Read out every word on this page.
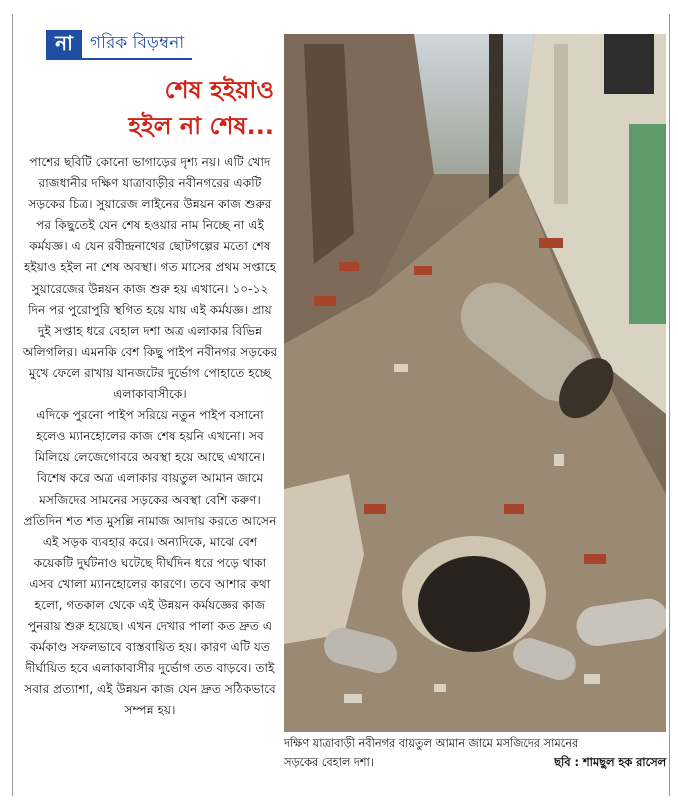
না	গরিক বিড়ম্বনা
শেষ হইয়াও
হইল না শেষ...

পাশের ছবিটি কোনো ভাগাড়ের দৃশ্য নয়। এটি খোদ রাজধানীর দক্ষিণ যাত্রাবাড়ীর নবীনগরের একটি সড়কের চিত্র। সুয়ারেজ লাইনের উন্নয়ন কাজ শুরুর পর কিছুতেই যেন শেষ হওয়ার নাম নিচ্ছে না এই কর্মযজ্ঞ। এ যেন রবীন্দ্রনাথের ছোটগল্পের মতো শেষ হইয়াও হইল না শেষ অবস্থা। গত মাসের প্রথম সপ্তাহে সুয়ারেজের উন্নয়ন কাজ শুরু হয় এখানে। ১০-১২ দিন পর পুরোপুরি স্থগিত হয়ে যায় এই কর্মযজ্ঞ। প্রায় দুই সপ্তাহ ধরে বেহাল দশা অত্র এলাকার বিভিন্ন অলিগলির। এমনকি বেশ কিছু পাইপ নবীনগর সড়কের মুখে ফেলে রাখায় যানজটের দুর্ভোগ পোহাতে হচ্ছে এলাকাবাসীকে।

এদিকে পুরনো পাইপ সরিয়ে নতুন পাইপ বসানো হলেও ম্যানহোলের কাজ শেষ হয়নি এখনো। সব মিলিয়ে লেজেগোবরে অবস্থা হয়ে আছে এখানে। বিশেষ করে অত্র এলাকার বায়তুল আমান জামে মসজিদের সামনের সড়কের অবস্থা বেশি করুণ। প্রতিদিন শত শত মুসল্লি নামাজ আদায় করতে আসেন এই সড়ক ব্যবহার করে। অন্যদিকে, মাঝে বেশ কয়েকটি দুর্ঘটনাও ঘটেছে দীর্ঘদিন ধরে পড়ে থাকা এসব খোলা ম্যানহোলের কারণে। তবে আশার কথা হলো, গতকাল থেকে এই উন্নয়ন কর্মযজ্ঞের কাজ পুনরায় শুরু হয়েছে। এখন দেখার পালা কত দ্রুত এ কর্মকাণ্ড সফলভাবে বাস্তবায়িত হয়। কারণ এটি যত দীর্ঘায়িত হবে এলাকাবাসীর দুর্ভোগ তত বাড়বে। তাই সবার প্রত্যাশা, এই উন্নয়ন কাজ যেন দ্রুত সঠিকভাবে সম্পন্ন হয়।

দক্ষিণ যাত্রাবাড়ী নবীনগর বায়তুল আমান জামে মসজিদের সামনের
সড়কের বেহাল দশা।	ছবি : শামছুল হক রাসেল
